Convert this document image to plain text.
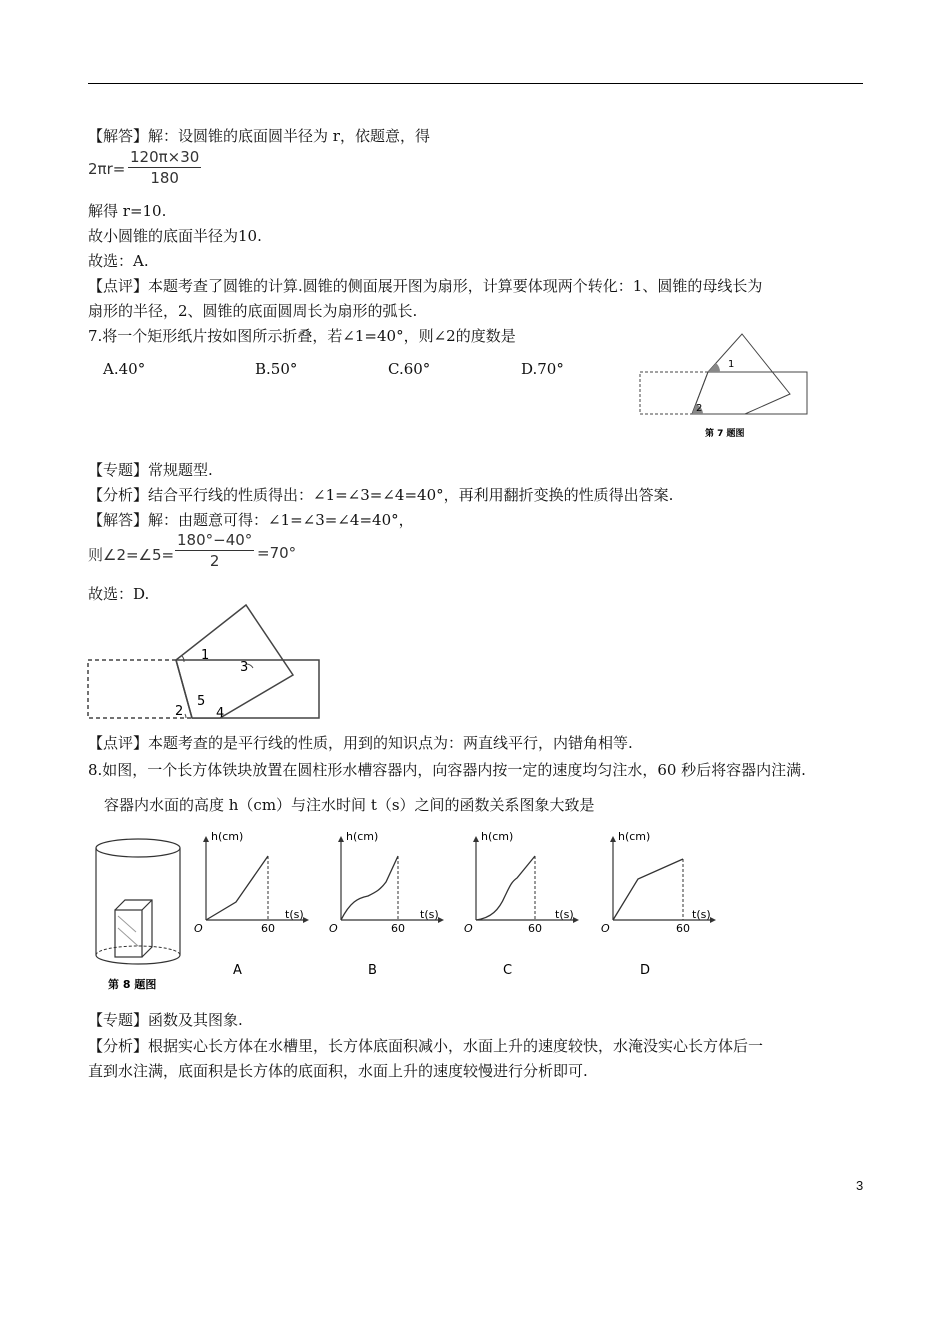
【解答】解：设圆锥的底面圆半径为 r，依题意，得
2πr=
120π×30
180
解得 r=10.
故小圆锥的底面半径为10.
故选：A.
【点评】本题考查了圆锥的计算.圆锥的侧面展开图为扇形，计算要体现两个转化：1、圆锥的母线长为
扇形的半径，2、圆锥的底面圆周长为扇形的弧长.
7.将一个矩形纸片按如图所示折叠，若∠1=40°，则∠2的度数是
A.40°	B.50°	C.60°	D.70°	1
2
第 7 题图
【专题】常规题型.
【分析】结合平行线的性质得出：∠1=∠3=∠4=40°，再利用翻折变换的性质得出答案.
【解答】解：由题意可得：∠1=∠3=∠4=40°，
则∠2=∠5=
180°−40°
2	=70°
故选：D.
1
3
2
5
4
【点评】本题考查的是平行线的性质，用到的知识点为：两直线平行，内错角相等.
8.如图，一个长方体铁块放置在圆柱形水槽容器内，向容器内按一定的速度均匀注水，60 秒后将容器内注满.
容器内水面的高度 h（cm）与注水时间 t（s）之间的函数关系图象大致是
第 8 题图
h(cm)
t(s)
O	60
A
h(cm)
t(s)
O	60
B
h(cm)
t(s)
O	60
C
h(cm)
t(s)
O	60
D
【专题】函数及其图象.
【分析】根据实心长方体在水槽里，长方体底面积减小，水面上升的速度较快，水淹没实心长方体后一
直到水注满，底面积是长方体的底面积，水面上升的速度较慢进行分析即可.
3
